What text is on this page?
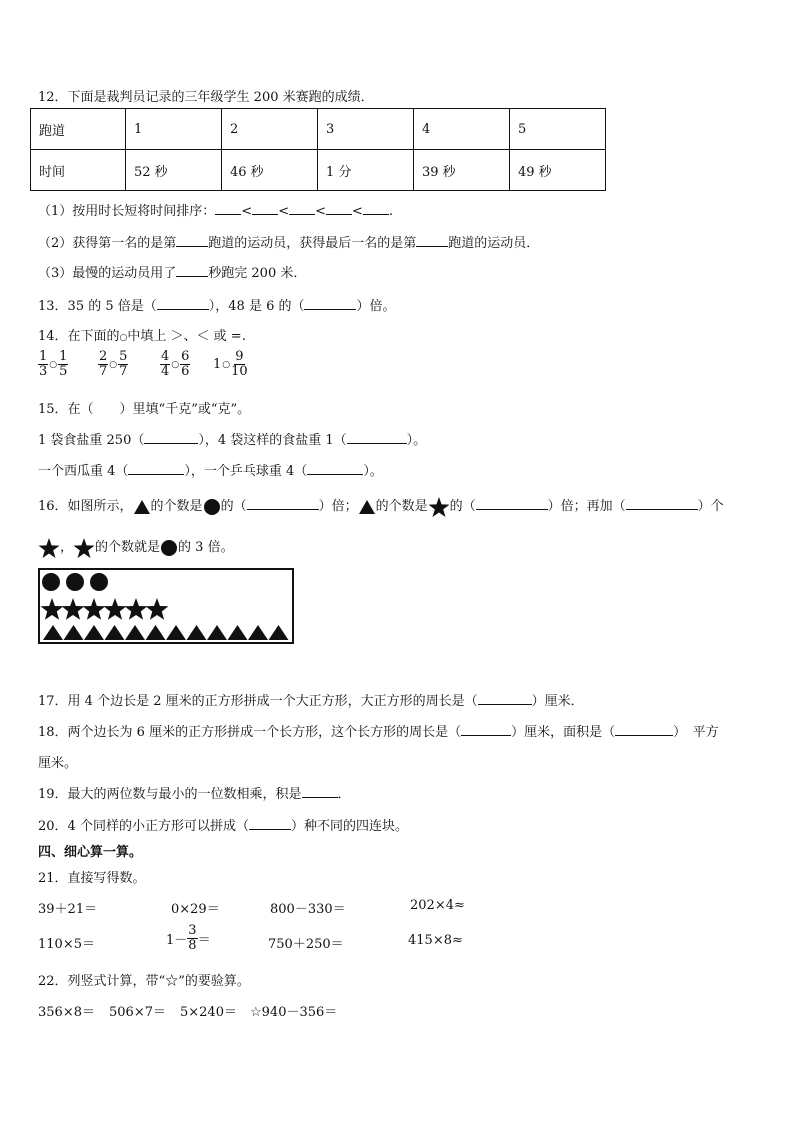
12．下面是裁判员记录的三年级学生 200 米赛跑的成绩．
跑道	1	2	3	4	5
时间	52 秒	46 秒	1 分	39 秒	49 秒
（1）按用时长短将时间排序： < < < < .
（2）获得第一名的是第 跑道的运动员，获得最后一名的是第 跑道的运动员．
（3）最慢的运动员用了 秒跑完 200 米．
13．35 的 5 倍是（	），48 是 6 的（	）倍。
14．在下面的○中填上 ＞、＜ 或 =.
$\frac{1}{3}$ ○ $\frac{1}{5} \frac{2}{7}$ ○ $\frac{5}{7} \frac{4}{4}$ ○ $\frac{6}{6} 1$ ○ $\frac{9}{10}$
15．在（　　）里填“千克”或“克”。
1 袋食盐重 250（	），4 袋这样的食盐重 1（	）。
一个西瓜重 4（	），一个乒乓球重 4（	）。
16．如图所示， 的个数是 的（	）倍； 的个数是 的（	）倍；再加（	）个
， 的个数就是 的 3 倍。
17．用 4 个边长是 2 厘米的正方形拼成一个大正方形，大正方形的周长是（	）厘米．
18．两个边长为 6 厘米的正方形拼成一个长方形，这个长方形的周长是（	）厘米，面积是（	）　平方
厘米。
19．最大的两位数与最小的一位数相乘，积是	．
20．4 个同样的小正方形可以拼成（	）种不同的四连块。
四、细心算一算。
21．直接写得数。
39＋21＝	0×29＝	800－330＝	202×4≈
110×5＝	$1- \frac{3}{8}$ ＝	750＋250＝	415×8≈
22．列竖式计算，带“☆”的要验算。
356×8＝ 506×7＝ 5×240＝ ☆940－356＝
